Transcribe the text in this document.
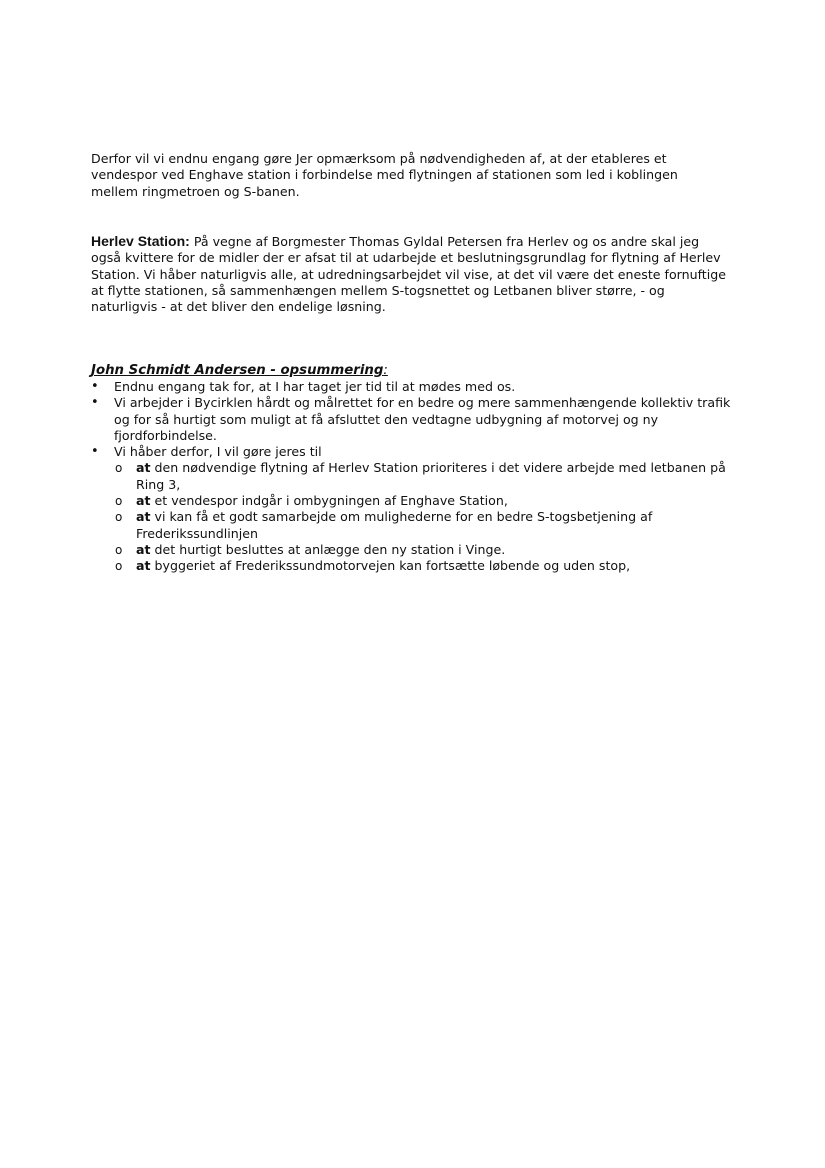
Derfor vil vi endnu engang gøre Jer opmærksom på nødvendigheden af, at der etableres et vendespor ved Enghave station i forbindelse med flytningen af stationen som led i koblingen mellem ringmetroen og S-banen.

Herlev Station: På vegne af Borgmester Thomas Gyldal Petersen fra Herlev og os andre skal jeg også kvittere for de midler der er afsat til at udarbejde et beslutningsgrundlag for flytning af Herlev Station. Vi håber naturligvis alle, at udredningsarbejdet vil vise, at det vil være det eneste fornuftige at flytte stationen, så sammenhængen mellem S-togsnettet og Letbanen bliver større, - og naturligvis - at det bliver den endelige løsning.

John Schmidt Andersen - opsummering:
• Endnu engang tak for, at I har taget jer tid til at mødes med os.
• Vi arbejder i Bycirklen hårdt og målrettet for en bedre og mere sammenhængende kollektiv trafik og for så hurtigt som muligt at få afsluttet den vedtagne udbygning af motorvej og ny fjordforbindelse.
• Vi håber derfor, I vil gøre jeres til
o at den nødvendige flytning af Herlev Station prioriteres i det videre arbejde med letbanen på Ring 3,
o at et vendespor indgår i ombygningen af Enghave Station,
o at vi kan få et godt samarbejde om mulighederne for en bedre S-togsbetjening af Frederikssundlinjen
o at det hurtigt besluttes at anlægge den ny station i Vinge.
o at byggeriet af Frederikssundmotorvejen kan fortsætte løbende og uden stop,
